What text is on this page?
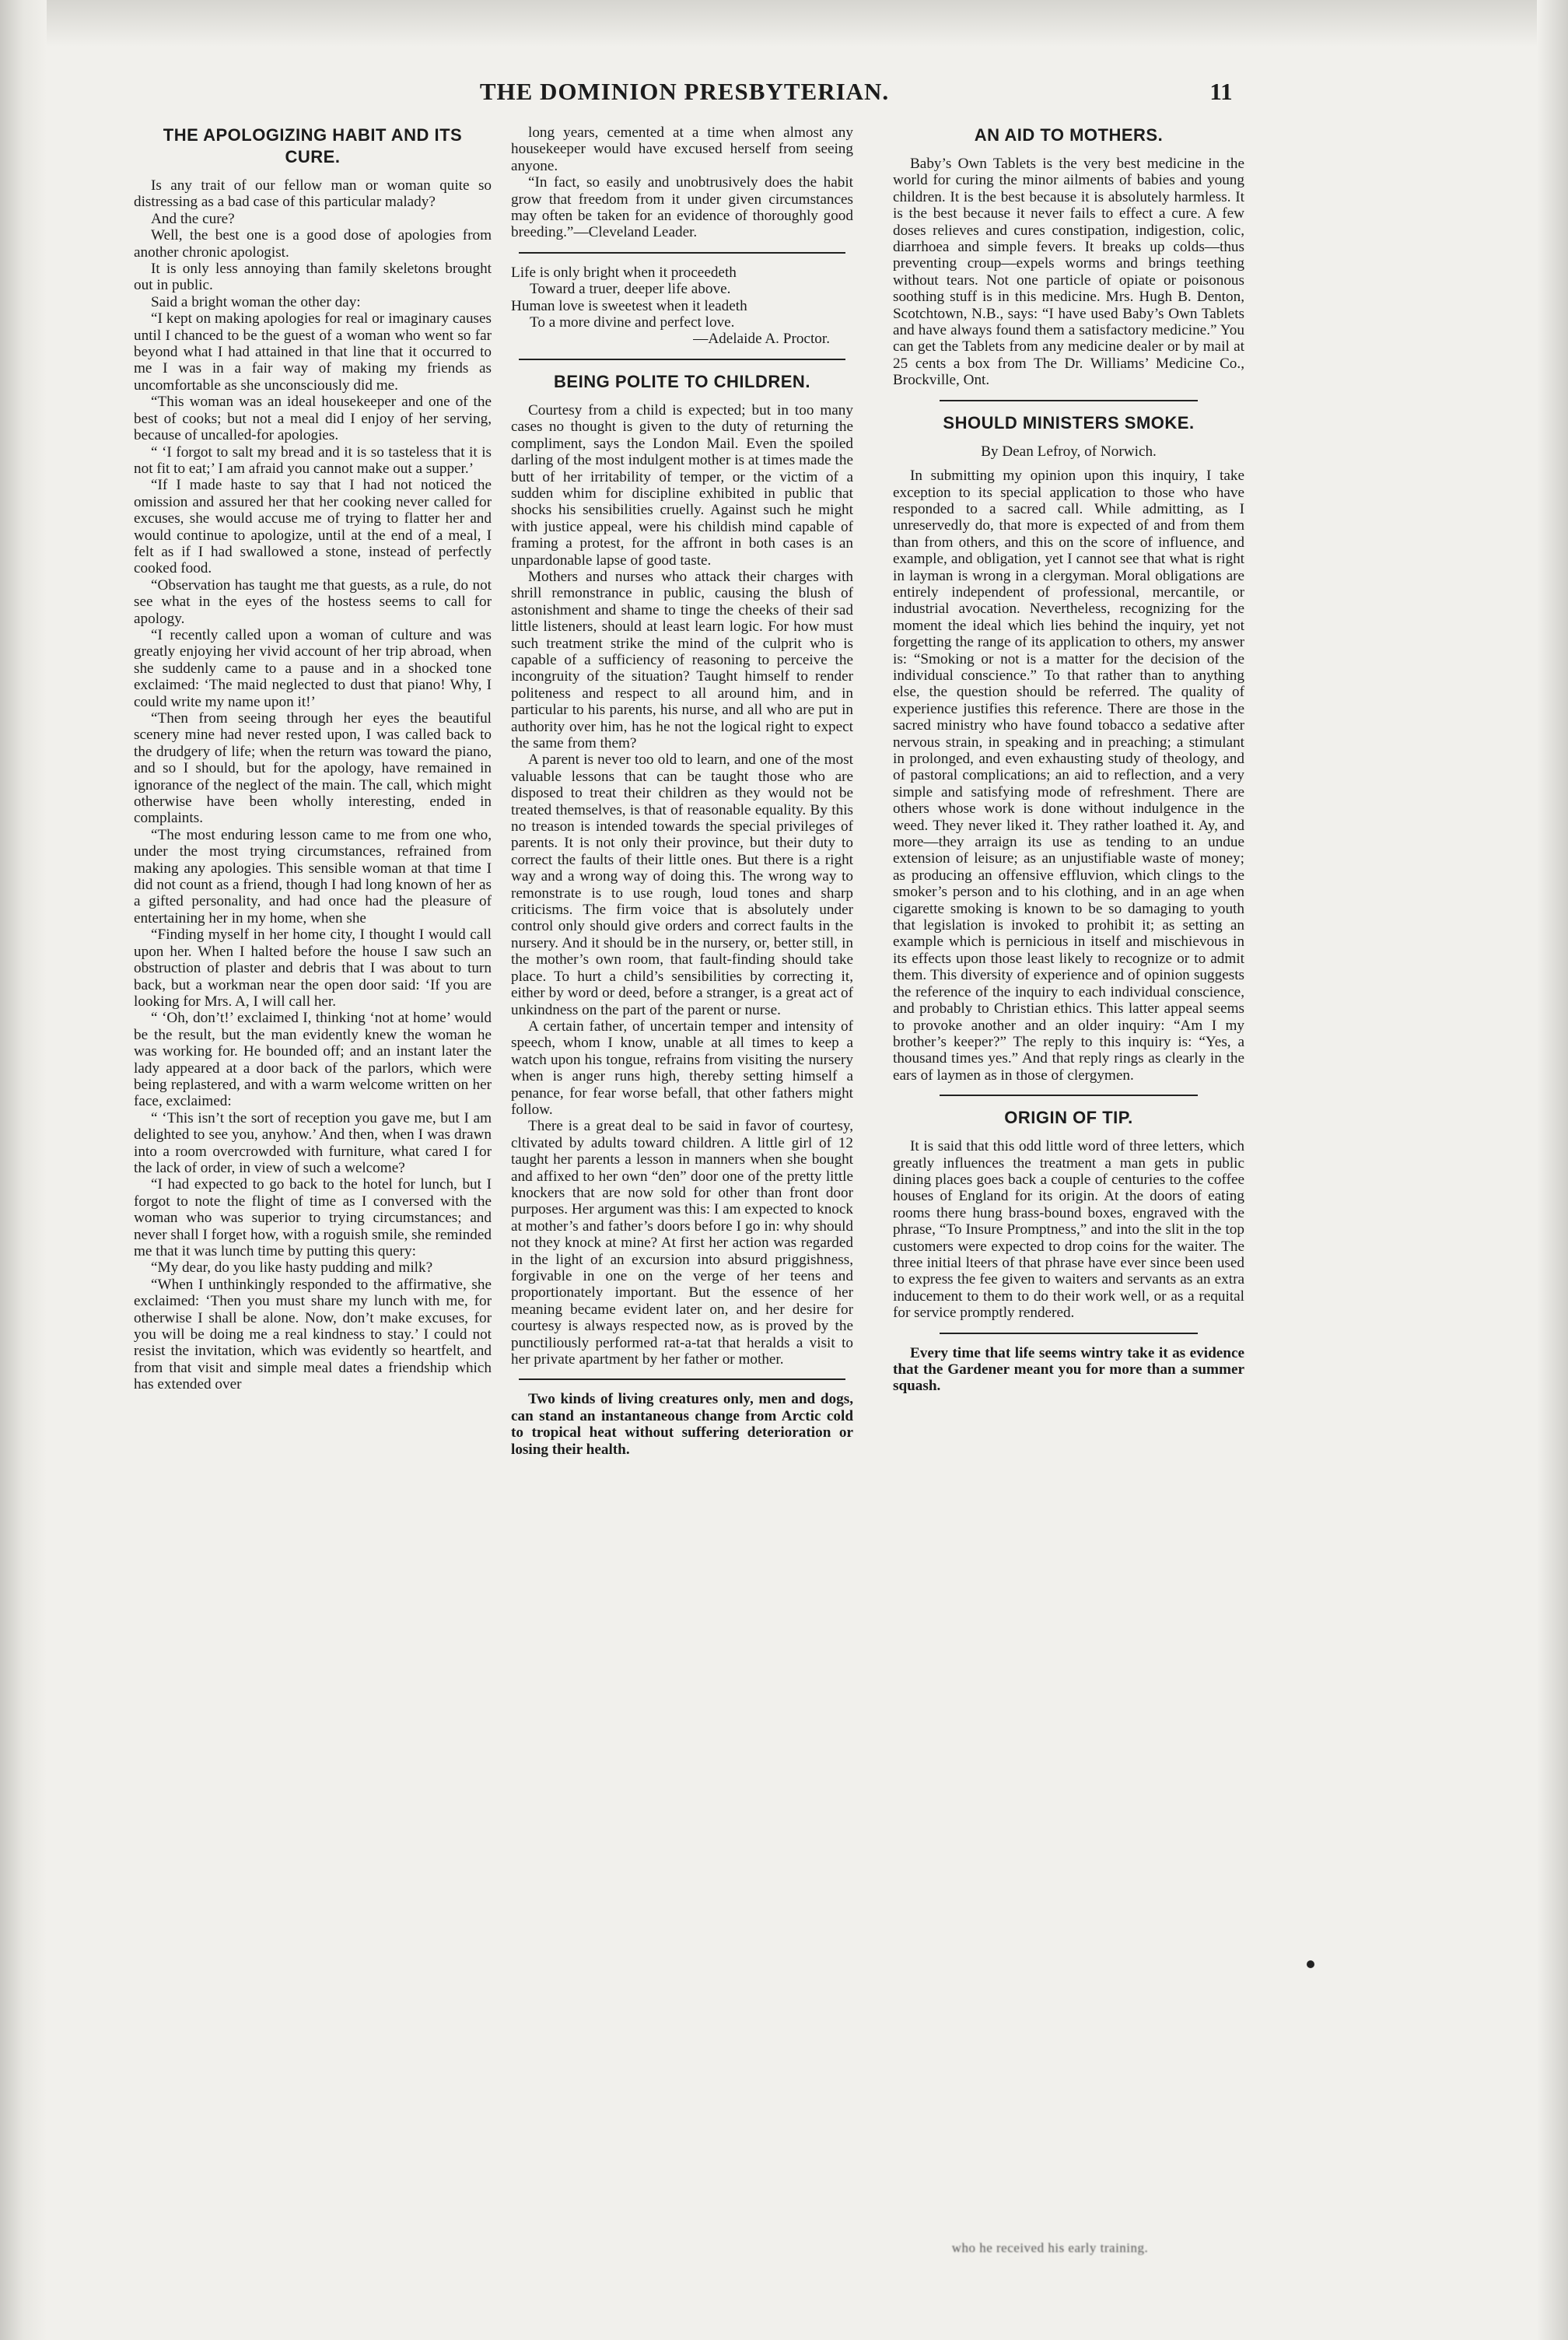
THE DOMINION PRESBYTERIAN.	11
THE APOLOGIZING HABIT AND ITS CURE.

Is any trait of our fellow man or woman quite so distressing as a bad case of this particular malady?

And the cure?

Well, the best one is a good dose of apologies from another chronic apologist.

It is only less annoying than family skeletons brought out in public.

Said a bright woman the other day:

“I kept on making apologies for real or imaginary causes until I chanced to be the guest of a woman who went so far beyond what I had attained in that line that it occurred to me I was in a fair way of making my friends as uncomfortable as she unconsciously did me.

“This woman was an ideal housekeeper and one of the best of cooks; but not a meal did I enjoy of her serving, because of uncalled-for apologies.

“ ‘I forgot to salt my bread and it is so tasteless that it is not fit to eat;’ I am afraid you cannot make out a supper.’

“If I made haste to say that I had not noticed the omission and assured her that her cooking never called for excuses, she would accuse me of trying to flatter her and would continue to apologize, until at the end of a meal, I felt as if I had swallowed a stone, instead of perfectly cooked food.

“Observation has taught me that guests, as a rule, do not see what in the eyes of the hostess seems to call for apology.

“I recently called upon a woman of culture and was greatly enjoying her vivid account of her trip abroad, when she suddenly came to a pause and in a shocked tone exclaimed: ‘The maid neglected to dust that piano! Why, I could write my name upon it!’

“Then from seeing through her eyes the beautiful scenery mine had never rested upon, I was called back to the drudgery of life; when the return was toward the piano, and so I should, but for the apology, have remained in ignorance of the neglect of the main. The call, which might otherwise have been wholly interesting, ended in complaints.

“The most enduring lesson came to me from one who, under the most trying circumstances, refrained from making any apologies. This sensible woman at that time I did not count as a friend, though I had long known of her as a gifted personality, and had once had the pleasure of entertaining her in my home, when she

“Finding myself in her home city, I thought I would call upon her. When I halted before the house I saw such an obstruction of plaster and debris that I was about to turn back, but a workman near the open door said: ‘If you are looking for Mrs. A, I will call her.

“ ‘Oh, don’t!’ exclaimed I, thinking ‘not at home’ would be the result, but the man evidently knew the woman he was working for. He bounded off; and an instant later the lady appeared at a door back of the parlors, which were being replastered, and with a warm welcome written on her face, exclaimed:

“ ‘This isn’t the sort of reception you gave me, but I am delighted to see you, anyhow.’ And then, when I was drawn into a room overcrowded with furniture, what cared I for the lack of order, in view of such a welcome?

“I had expected to go back to the hotel for lunch, but I forgot to note the flight of time as I conversed with the woman who was superior to trying circumstances; and never shall I forget how, with a roguish smile, she reminded me that it was lunch time by putting this query:

“My dear, do you like hasty pudding and milk?

“When I unthinkingly responded to the affirmative, she exclaimed: ‘Then you must share my lunch with me, for otherwise I shall be alone. Now, don’t make excuses, for you will be doing me a real kindness to stay.’ I could not resist the invitation, which was evidently so heartfelt, and from that visit and simple meal dates a friendship which has extended over

long years, cemented at a time when almost any housekeeper would have excused herself from seeing anyone.

“In fact, so easily and unobtrusively does the habit grow that freedom from it under given circumstances may often be taken for an evidence of thoroughly good breeding.”—Cleveland Leader.

Life is only bright when it proceedeth

Toward a truer, deeper life above.

Human love is sweetest when it leadeth

To a more divine and perfect love.

—Adelaide A. Proctor.

BEING POLITE TO CHILDREN.

Courtesy from a child is expected; but in too many cases no thought is given to the duty of returning the compliment, says the London Mail. Even the spoiled darling of the most indulgent mother is at times made the butt of her irritability of temper, or the victim of a sudden whim for discipline exhibited in public that shocks his sensibilities cruelly. Against such he might with justice appeal, were his childish mind capable of framing a protest, for the affront in both cases is an unpardonable lapse of good taste.

Mothers and nurses who attack their charges with shrill remonstrance in public, causing the blush of astonishment and shame to tinge the cheeks of their sad little listeners, should at least learn logic. For how must such treatment strike the mind of the culprit who is capable of a sufficiency of reasoning to perceive the incongruity of the situation? Taught himself to render politeness and respect to all around him, and in particular to his parents, his nurse, and all who are put in authority over him, has he not the logical right to expect the same from them?

A parent is never too old to learn, and one of the most valuable lessons that can be taught those who are disposed to treat their children as they would not be treated themselves, is that of reasonable equality. By this no treason is intended towards the special privileges of parents. It is not only their province, but their duty to correct the faults of their little ones. But there is a right way and a wrong way of doing this. The wrong way to remonstrate is to use rough, loud tones and sharp criticisms. The firm voice that is absolutely under control only should give orders and correct faults in the nursery. And it should be in the nursery, or, better still, in the mother’s own room, that fault-finding should take place. To hurt a child’s sensibilities by correcting it, either by word or deed, before a stranger, is a great act of unkindness on the part of the parent or nurse.

A certain father, of uncertain temper and intensity of speech, whom I know, unable at all times to keep a watch upon his tongue, refrains from visiting the nursery when is anger runs high, thereby setting himself a penance, for fear worse befall, that other fathers might follow.

There is a great deal to be said in favor of courtesy, cltivated by adults toward children. A little girl of 12 taught her parents a lesson in manners when she bought and affixed to her own “den” door one of the pretty little knockers that are now sold for other than front door purposes. Her argument was this: I am expected to knock at mother’s and father’s doors before I go in: why should not they knock at mine? At first her action was regarded in the light of an excursion into absurd priggishness, forgivable in one on the verge of her teens and proportionately important. But the essence of her meaning became evident later on, and her desire for courtesy is always respected now, as is proved by the punctiliously performed rat-a-tat that heralds a visit to her private apartment by her father or mother.

Two kinds of living creatures only, men and dogs, can stand an instantaneous change from Arctic cold to tropical heat without suffering deterioration or losing their health.

AN AID TO MOTHERS.

Baby’s Own Tablets is the very best medicine in the world for curing the minor ailments of babies and young children. It is the best because it is absolutely harmless. It is the best because it never fails to effect a cure. A few doses relieves and cures constipation, indigestion, colic, diarrhoea and simple fevers. It breaks up colds—thus preventing croup—expels worms and brings teething without tears. Not one particle of opiate or poisonous soothing stuff is in this medicine. Mrs. Hugh B. Denton, Scotchtown, N.B., says: “I have used Baby’s Own Tablets and have always found them a satisfactory medicine.” You can get the Tablets from any medicine dealer or by mail at 25 cents a box from The Dr. Williams’ Medicine Co., Brockville, Ont.

SHOULD MINISTERS SMOKE.

By Dean Lefroy, of Norwich.

In submitting my opinion upon this inquiry, I take exception to its special application to those who have responded to a sacred call. While admitting, as I unreservedly do, that more is expected of and from them than from others, and this on the score of influence, and example, and obligation, yet I cannot see that what is right in layman is wrong in a clergyman. Moral obligations are entirely independent of professional, mercantile, or industrial avocation. Nevertheless, recognizing for the moment the ideal which lies behind the inquiry, yet not forgetting the range of its application to others, my answer is: “Smoking or not is a matter for the decision of the individual conscience.” To that rather than to anything else, the question should be referred. The quality of experience justifies this reference. There are those in the sacred ministry who have found tobacco a sedative after nervous strain, in speaking and in preaching; a stimulant in prolonged, and even exhausting study of theology, and of pastoral complications; an aid to reflection, and a very simple and satisfying mode of refreshment. There are others whose work is done without indulgence in the weed. They never liked it. They rather loathed it. Ay, and more—they arraign its use as tending to an undue extension of leisure; as an unjustifiable waste of money; as producing an offensive effluvion, which clings to the smoker’s person and to his clothing, and in an age when cigarette smoking is known to be so damaging to youth that legislation is invoked to prohibit it; as setting an example which is pernicious in itself and mischievous in its effects upon those least likely to recognize or to admit them. This diversity of experience and of opinion suggests the reference of the inquiry to each individual conscience, and probably to Christian ethics. This latter appeal seems to provoke another and an older inquiry: “Am I my brother’s keeper?” The reply to this inquiry is: “Yes, a thousand times yes.” And that reply rings as clearly in the ears of laymen as in those of clergymen.

ORIGIN OF TIP.

It is said that this odd little word of three letters, which greatly influences the treatment a man gets in public dining places goes back a couple of centuries to the coffee houses of England for its origin. At the doors of eating rooms there hung brass-bound boxes, engraved with the phrase, “To Insure Promptness,” and into the slit in the top customers were expected to drop coins for the waiter. The three initial lteers of that phrase have ever since been used to express the fee given to waiters and servants as an extra inducement to them to do their work well, or as a requital for service promptly rendered.

Every time that life seems wintry take it as evidence that the Gardener meant you for more than a summer squash.

who he received his early training.
